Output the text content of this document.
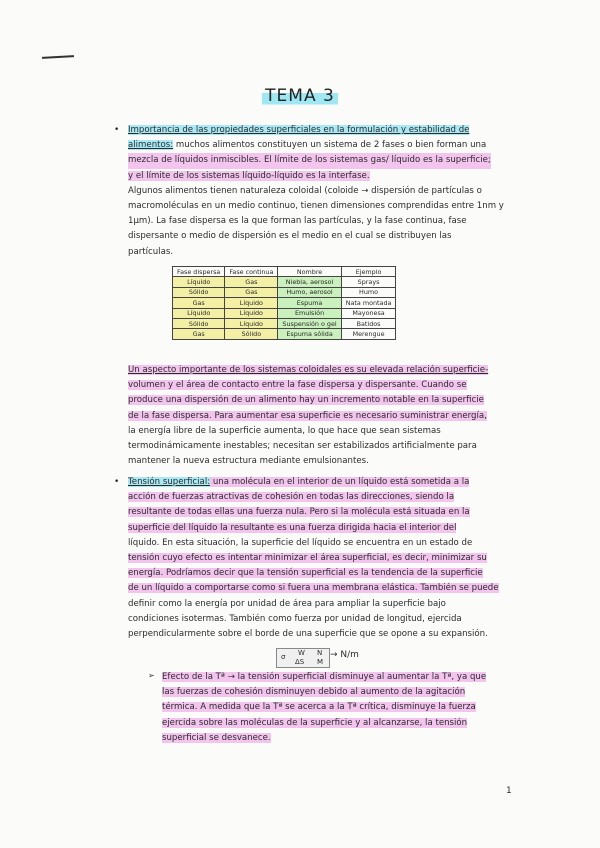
TEMA 3
• Importancia de las propiedades superficiales en la formulación y estabilidad de
alimentos: muchos alimentos constituyen un sistema de 2 fases o bien forman una
mezcla de líquidos inmiscibles. El límite de los sistemas gas/ líquido es la superficie;
y el límite de los sistemas líquido-líquido es la interfase.
Algunos alimentos tienen naturaleza coloidal (coloide → dispersión de partículas o
macromoléculas en un medio continuo, tienen dimensiones comprendidas entre 1nm y
1µm). La fase dispersa es la que forman las partículas, y la fase continua, fase
dispersante o medio de dispersión es el medio en el cual se distribuyen las
partículas.
Fase dispersa	Fase continua	Nombre	Ejemplo
Líquido	Gas	Niebla, aerosol	Sprays
Sólido	Gas	Humo, aerosol	Humo
Gas	Líquido	Espuma	Nata montada
Líquido	Líquido	Emulsión	Mayonesa
Sólido	Líquido	Suspensión o gel	Batidos
Gas	Sólido	Espuma sólida	Merengue
Un aspecto importante de los sistemas coloidales es su elevada relación superficie-
volumen y el área de contacto entre la fase dispersa y dispersante. Cuando se
produce una dispersión de un alimento hay un incremento notable en la superficie
de la fase dispersa. Para aumentar esa superficie es necesario suministrar energía,
la energía libre de la superficie aumenta, lo que hace que sean sistemas
termodinámicamente inestables; necesitan ser estabilizados artificialmente para
mantener la nueva estructura mediante emulsionantes.
• Tensión superficial: una molécula en el interior de un líquido está sometida a la
acción de fuerzas atractivas de cohesión en todas las direcciones, siendo la
resultante de todas ellas una fuerza nula. Pero si la molécula está situada en la
superficie del líquido la resultante es una fuerza dirigida hacia el interior del
líquido. En esta situación, la superficie del líquido se encuentra en un estado de
tensión cuyo efecto es intentar minimizar el área superficial, es decir, minimizar su
energía. Podríamos decir que la tensión superficial es la tendencia de la superficie
de un líquido a comportarse como si fuera una membrana elástica. También se puede
definir como la energía por unidad de área para ampliar la superficie bajo
condiciones isotermas. También como fuerza por unidad de longitud, ejercida
perpendicularmente sobre el borde de una superficie que se opone a su expansión.
σ W
ΔS
N
M
→ N/m
➢ Efecto de la Tª → la tensión superficial disminuye al aumentar la Tª, ya que
las fuerzas de cohesión disminuyen debido al aumento de la agitación
térmica. A medida que la Tª se acerca a la Tª crítica, disminuye la fuerza
ejercida sobre las moléculas de la superficie y al alcanzarse, la tensión
superficial se desvanece.
1
